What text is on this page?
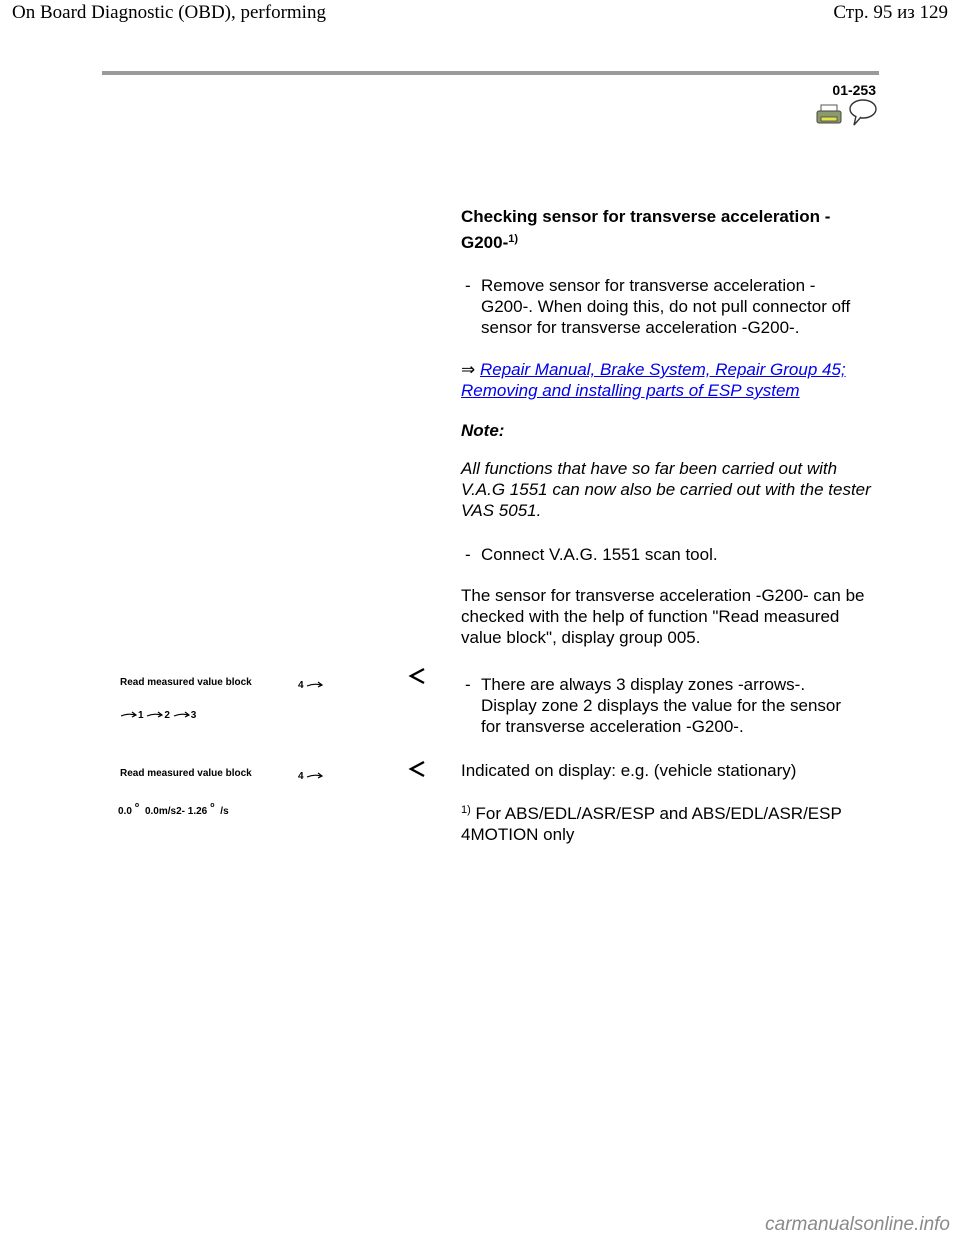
On Board Diagnostic (OBD), performing	Стр. 95 из 129
01-253
Checking sensor for transverse acceleration -G200-$^{1)}$
- Remove sensor for transverse acceleration -G200-. When doing this, do not pull connector off sensor for transverse acceleration -G200-.
⇒ Repair Manual, Brake System, Repair Group 45; Removing and installing parts of ESP system
Note:
All functions that have so far been carried out with V.A.G 1551 can now also be carried out with the tester VAS 5051.
- Connect V.A.G. 1551 scan tool.
The sensor for transverse acceleration -G200- can be checked with the help of function "Read measured value block", display group 005.
Read measured value block	4
1 2 3
- There are always 3 display zones -arrows-. Display zone 2 displays the value for the sensor for transverse acceleration -G200-.
Read measured value block	4
0.0$^o$ 0.0m/s2- 1.26$^o$ /s
Indicated on display: e.g. (vehicle stationary)
$^{1)}$ For ABS/EDL/ASR/ESP and ABS/EDL/ASR/ESP 4MOTION only
carmanualsonline.info
